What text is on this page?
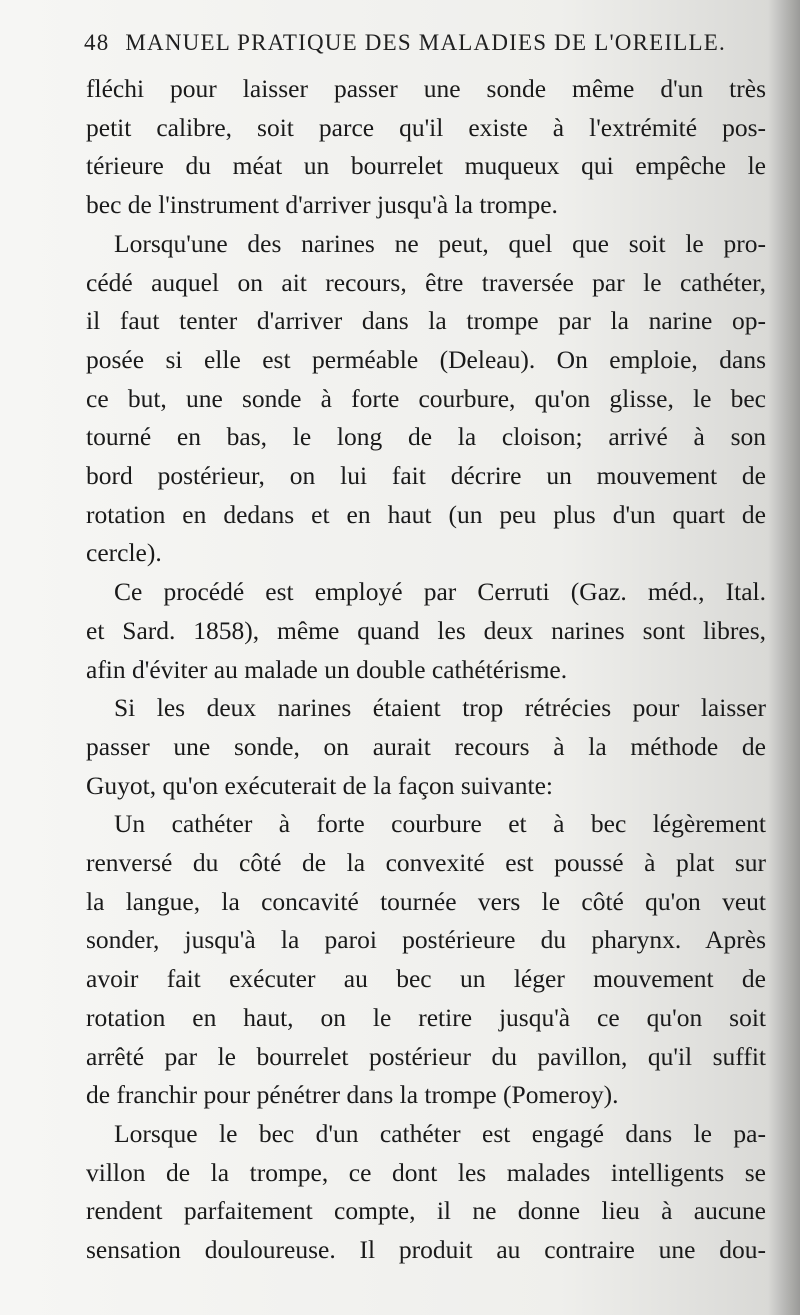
48 MANUEL PRATIQUE DES MALADIES DE L'OREILLE.
fléchi pour laisser passer une sonde même d'un très
petit calibre, soit parce qu'il existe à l'extrémité pos-
térieure du méat un bourrelet muqueux qui empêche le
bec de l'instrument d'arriver jusqu'à la trompe.
Lorsqu'une des narines ne peut, quel que soit le pro-
cédé auquel on ait recours, être traversée par le cathéter,
il faut tenter d'arriver dans la trompe par la narine op-
posée si elle est perméable (Deleau). On emploie, dans
ce but, une sonde à forte courbure, qu'on glisse, le bec
tourné en bas, le long de la cloison; arrivé à son
bord postérieur, on lui fait décrire un mouvement de
rotation en dedans et en haut (un peu plus d'un quart de
cercle).
Ce procédé est employé par Cerruti (Gaz. méd., Ital.
et Sard. 1858), même quand les deux narines sont libres,
afin d'éviter au malade un double cathétérisme.
Si les deux narines étaient trop rétrécies pour laisser
passer une sonde, on aurait recours à la méthode de
Guyot, qu'on exécuterait de la façon suivante:
Un cathéter à forte courbure et à bec légèrement
renversé du côté de la convexité est poussé à plat sur
la langue, la concavité tournée vers le côté qu'on veut
sonder, jusqu'à la paroi postérieure du pharynx. Après
avoir fait exécuter au bec un léger mouvement de
rotation en haut, on le retire jusqu'à ce qu'on soit
arrêté par le bourrelet postérieur du pavillon, qu'il suffit
de franchir pour pénétrer dans la trompe (Pomeroy).
Lorsque le bec d'un cathéter est engagé dans le pa-
villon de la trompe, ce dont les malades intelligents se
rendent parfaitement compte, il ne donne lieu à aucune
sensation douloureuse. Il produit au contraire une dou-
